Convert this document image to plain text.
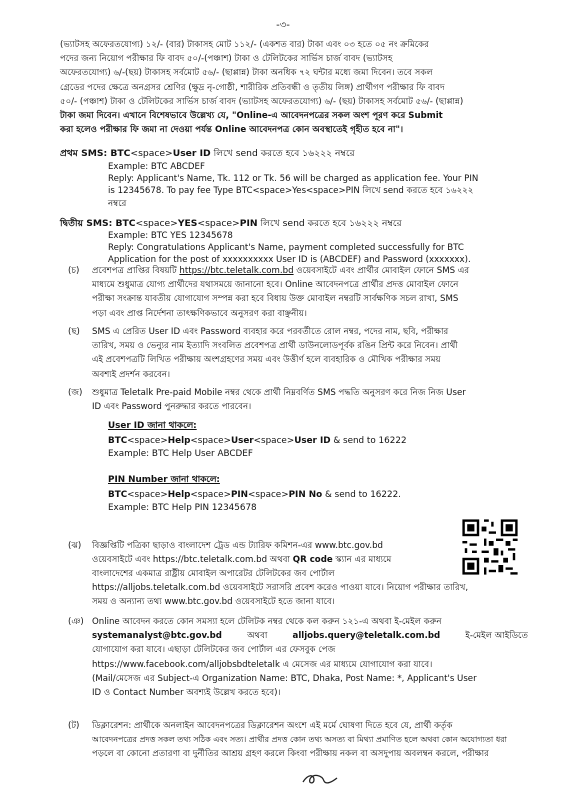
-৩-
(ভ্যাটসহ অফেরতযোগ্য) ১২/- (বার) টাকাসহ মোট ১১২/- (একশত বার) টাকা এবং ০৩ হতে ০৫ নং ক্রমিকের
পদের জন্য নিয়োগ পরীক্ষার ফি বাবদ ৫০/-(পঞ্চাশ) টাকা ও টেলিটকের সার্ভিস চার্জ বাবদ (ভ্যাটসহ
অফেরতযোগ্য) ৬/-(ছয়) টাকাসহ সর্বমোট ৫৬/- (ছাপ্পান্ন) টাকা অনধিক ৭২ ঘন্টার মধ্যে জমা দিবেন। তবে সকল
গ্রেডের পদের ক্ষেত্রে অনগ্রসর শ্রেণির (ক্ষুদ্র নৃ-গোষ্ঠী, শারীরিক প্রতিবন্ধী ও তৃতীয় লিঙ্গ) প্রার্থীগণ পরীক্ষার ফি বাবদ
৫০/- (পঞ্চাশ) টাকা ও টেলিটকের সার্ভিস চার্জ বাবদ (ভ্যাটসহ অফেরতযোগ্য) ৬/- (ছয়) টাকাসহ সর্বমোট ৫৬/- (ছাপ্পান্ন)
টাকা জমা দিবেন। এখানে বিশেষভাবে উল্লেখ্য যে, "Online-এ আবেদনপত্রের সকল অংশ পূরণ করে Submit
করা হলেও পরীক্ষার ফি জমা না দেওয়া পর্যন্ত Online আবেদনপত্র কোন অবস্থাতেই গৃহীত হবে না"।
প্রথম SMS: BTC<space>User ID লিখে send করতে হবে ১৬২২২ নম্বরে
Example: BTC ABCDEF
Reply: Applicant's Name, Tk. 112 or Tk. 56 will be charged as application fee. Your PIN
is 12345678. To pay fee Type BTC<space>Yes<space>PIN লিখে send করতে হবে ১৬২২২
নম্বরে
দ্বিতীয় SMS: BTC<space>YES<space>PIN লিখে send করতে হবে ১৬২২২ নম্বরে
Example: BTC YES 12345678
Reply: Congratulations Applicant's Name, payment completed successfully for BTC
Application for the post of xxxxxxxxxx User ID is (ABCDEF) and Password (xxxxxxx).
(চ) প্রবেশপত্র প্রাপ্তির বিষয়টি https://btc.teletalk.com.bd ওয়েবসাইটে এবং প্রার্থীর মোবাইল ফোনে SMS এর
মাধ্যমে শুধুমাত্র যোগ্য প্রার্থীদের যথাসময়ে জানানো হবে। Online আবেদনপত্রে প্রার্থীর প্রদত্ত মোবাইল ফোনে
পরীক্ষা সংক্রান্ত যাবতীয় যোগাযোগ সম্পন্ন করা হবে বিধায় উক্ত মোবাইল নম্বরটি সার্বক্ষণিক সচল রাখা, SMS
পড়া এবং প্রাপ্ত নির্দেশনা তাৎক্ষণিকভাবে অনুসরণ করা বাঞ্ছনীয়।
(ছ) SMS এ প্রেরিত User ID এবং Password ব্যবহার করে পরবর্তীতে রোল নম্বর, পদের নাম, ছবি, পরীক্ষার
তারিখ, সময় ও ভেন্যুর নাম ইত্যাদি সংবলিত প্রবেশপত্র প্রার্থী ডাউনলোডপূর্বক রঙিন প্রিন্ট করে নিবেন। প্রার্থী
এই প্রবেশপত্রটি লিখিত পরীক্ষায় অংশগ্রহণের সময় এবং উত্তীর্ণ হলে ব্যবহারিক ও মৌখিক পরীক্ষার সময়
অবশ্যই প্রদর্শন করবেন।
(জ) শুধুমাত্র Teletalk Pre-paid Mobile নম্বর থেকে প্রার্থী নিম্নবর্ণিত SMS পদ্ধতি অনুসরণ করে নিজ নিজ User
ID এবং Password পুনরুদ্ধার করতে পারবেন।
User ID জানা থাকলে:
BTC<space>Help<space>User<space>User ID & send to 16222
Example: BTC Help User ABCDEF
PIN Number জানা থাকলে:
BTC<space>Help<space>PIN<space>PIN No & send to 16222.
Example: BTC Help PIN 12345678
(ঝ) বিজ্ঞপ্তিটি পত্রিকা ছাড়াও বাংলাদেশ ট্রেড এন্ড ট্যারিফ কমিশন-এর www.btc.gov.bd
ওয়েবসাইটে এবং https://btc.teletalk.com.bd অথবা QR code স্ক্যান এর মাধ্যমে
বাংলাদেশের একমাত্র রাষ্ট্রীয় মোবাইল অপারেটর টেলিটকের জব পোর্টাল
https://alljobs.teletalk.com.bd ওয়েবসাইটে সরাসরি প্রবেশ করেও পাওয়া যাবে। নিয়োগ পরীক্ষার তারিখ,
সময় ও অন্যান্য তথ্য www.btc.gov.bd ওয়েবসাইটে হতে জানা যাবে।
(ঞ) Online আবেদন করতে কোন সমস্যা হলে টেলিটক নম্বর থেকে কল করুন ১২১-এ অথবা ই-মেইল করুন

systemanalyst@btc.gov.bd	অথবা	alljobs.query@teletalk.com.bd	ই-মেইল আইডিতে
যোগাযোগ করা যাবে। এছাড়া টেলিটকের জব পোর্টাল এর ফেসবুক পেজ
https://www.facebook.com/alljobsbdteletalk এ মেসেজ এর মাধ্যমে যোগাযোগ করা যাবে।
(Mail/মেসেজ এর Subject-এ Organization Name: BTC, Dhaka, Post Name: *, Applicant's User
ID ও Contact Number অবশ্যই উল্লেখ করতে হবে)।
(ট) ডিক্লারেশন: প্রার্থীকে অনলাইন আবেদনপত্রের ডিক্লারেশন অংশে এই মর্মে ঘোষণা দিতে হবে যে, প্রার্থী কর্তৃক
আবেদনপত্রের প্রদত্ত সকল তথ্য সঠিক এবং সত্য। প্রার্থীর প্রদত্ত কোন তথ্য অসত্য বা মিথ্যা প্রমাণিত হলে অথবা কোন অযোগ্যতা ধরা
পড়লে বা কোনো প্রতারণা বা দুর্নীতির আশ্রয় গ্রহণ করলে কিংবা পরীক্ষায় নকল বা অসদুপায় অবলম্বন করলে, পরীক্ষার
